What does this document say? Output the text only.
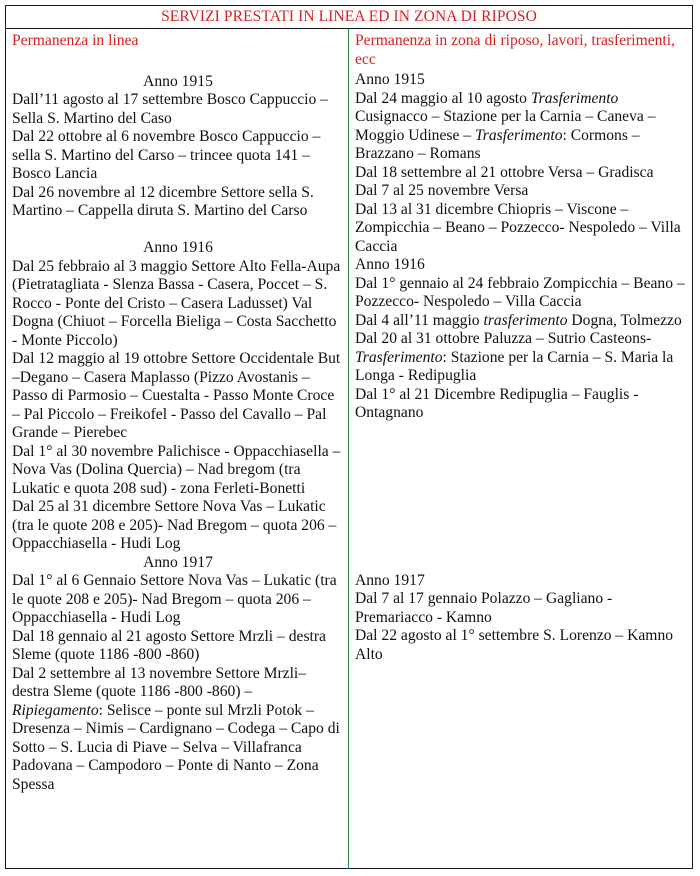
SERVIZI PRESTATI IN LINEA ED IN ZONA DI RIPOSO
Permanenza in linea
Anno 1915

Dall’11 agosto al 17 settembre Bosco Cappuccio – Sella S. Martino del Caso

Dal 22 ottobre al 6 novembre Bosco Cappuccio – sella S. Martino del Carso – trincee quota 141 – Bosco Lancia

Dal 26 novembre al 12 dicembre Settore sella S. Martino – Cappella diruta S. Martino del Carso

Anno 1916

Dal 25 febbraio al 3 maggio Settore Alto Fella-Aupa (Pietratagliata - Slenza Bassa - Casera, Poccet – S. Rocco - Ponte del Cristo – Casera Ladusset) Val Dogna (Chiuot – Forcella Bieliga – Costa Sacchetto - Monte Piccolo)

Dal 12 maggio al 19 ottobre Settore Occidentale But –Degano – Casera Maplasso (Pizzo Avostanis – Passo di Parmosio – Cuestalta - Passo Monte Croce – Pal Piccolo – Freikofel - Passo del Cavallo – Pal Grande – Pierebec

Dal 1° al 30 novembre Palichisce - Oppacchiasella – Nova Vas (Dolina Quercia) – Nad bregom (tra Lukatic e quota 208 sud) - zona Ferleti-Bonetti

Dal 25 al 31 dicembre Settore Nova Vas – Lukatic (tra le quote 208 e 205)- Nad Bregom – quota 206 – Oppacchiasella - Hudi Log

Anno 1917

Dal 1° al 6 Gennaio Settore Nova Vas – Lukatic (tra le quote 208 e 205)- Nad Bregom – quota 206 – Oppacchiasella - Hudi Log

Dal 18 gennaio al 21 agosto Settore Mrzli – destra Sleme (quote 1186 -800 -860)

Dal 2 settembre al 13 novembre Settore Mrzli– destra Sleme (quote 1186 -800 -860) – Ripiegamento: Selisce – ponte sul Mrzli Potok – Dresenza – Nimis – Cardignano – Codega – Capo di Sotto – S. Lucia di Piave – Selva – Villafranca Padovana – Campodoro – Ponte di Nanto – Zona Spessa

Permanenza in zona di riposo, lavori, trasferimenti, ecc
Anno 1915

Dal 24 maggio al 10 agosto Trasferimento Cusignacco – Stazione per la Carnia – Caneva – Moggio Udinese – Trasferimento: Cormons – Brazzano – Romans

Dal 18 settembre al 21 ottobre Versa – Gradisca

Dal 7 al 25 novembre Versa

Dal 13 al 31 dicembre Chiopris – Viscone – Zompicchia – Beano – Pozzecco- Nespoledo – Villa Caccia

Anno 1916

Dal 1° gennaio al 24 febbraio Zompicchia – Beano – Pozzecco- Nespoledo – Villa Caccia

Dal 4 all’11 maggio trasferimento Dogna, Tolmezzo

Dal 20 al 31 ottobre Paluzza – Sutrio Casteons- Trasferimento: Stazione per la Carnia – S. Maria la Longa - Redipuglia

Dal 1° al 21 Dicembre Redipuglia – Fauglis - Ontagnano

Anno 1917

Dal 7 al 17 gennaio Polazzo – Gagliano - Premariacco - Kamno

Dal 22 agosto al 1° settembre S. Lorenzo – Kamno Alto
